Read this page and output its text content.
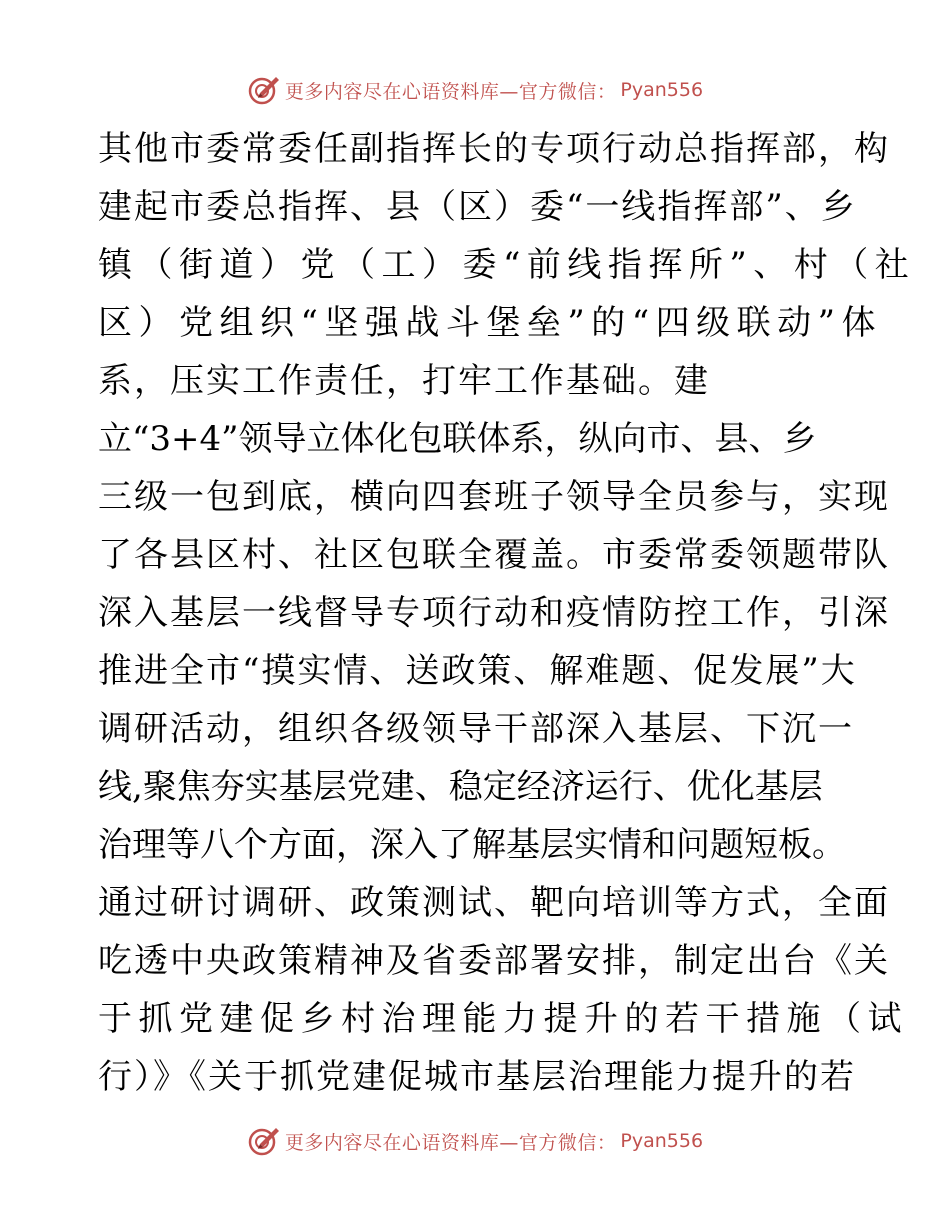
更多内容尽在心语资料库—官方微信： Pyan556
其他市委常委任副指挥长的专项行动总指挥部，构
建起市委总指挥、县（区）委“一线指挥部”、乡
镇（街道）党（工）委“前线指挥所”、村（社
区）党组织“坚强战斗堡垒”的“四级联动”体
系，压实工作责任，打牢工作基础。建
立“3+4”领导立体化包联体系，纵向市、县、乡
三级一包到底，横向四套班子领导全员参与，实现
了各县区村、社区包联全覆盖。市委常委领题带队
深入基层一线督导专项行动和疫情防控工作，引深
推进全市“摸实情、送政策、解难题、促发展”大
调研活动，组织各级领导干部深入基层、下沉一
线,聚焦夯实基层党建、稳定经济运行、优化基层
治理等八个方面，深入了解基层实情和问题短板。
通过研讨调研、政策测试、靶向培训等方式，全面
吃透中央政策精神及省委部署安排，制定出台《关
于抓党建促乡村治理能力提升的若干措施（试
行）》《关于抓党建促城市基层治理能力提升的若
更多内容尽在心语资料库—官方微信： Pyan556
